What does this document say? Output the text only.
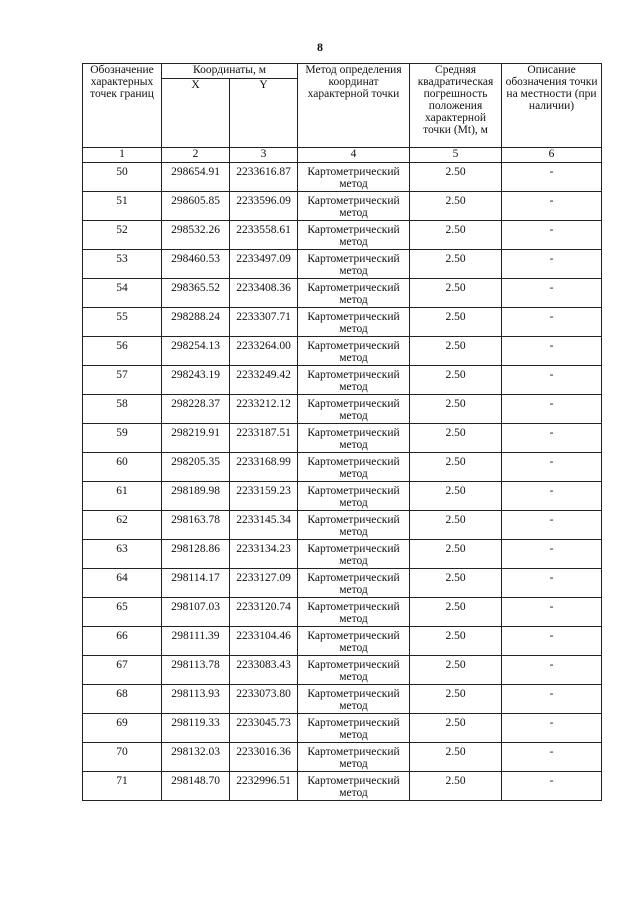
8
Обозначение характерных точек границ	Координаты, м		Метод определения координат характерной точки	Средняя квадратическая погрешность положения характерной точки (Mt), м	Описание обозначения точки на местности (при наличии)
	X	Y			
1	2	3	4	5	6
50	298654.91	2233616.87	Картометрический метод	2.50	-
51	298605.85	2233596.09	Картометрический метод	2.50	-
52	298532.26	2233558.61	Картометрический метод	2.50	-
53	298460.53	2233497.09	Картометрический метод	2.50	-
54	298365.52	2233408.36	Картометрический метод	2.50	-
55	298288.24	2233307.71	Картометрический метод	2.50	-
56	298254.13	2233264.00	Картометрический метод	2.50	-
57	298243.19	2233249.42	Картометрический метод	2.50	-
58	298228.37	2233212.12	Картометрический метод	2.50	-
59	298219.91	2233187.51	Картометрический метод	2.50	-
60	298205.35	2233168.99	Картометрический метод	2.50	-
61	298189.98	2233159.23	Картометрический метод	2.50	-
62	298163.78	2233145.34	Картометрический метод	2.50	-
63	298128.86	2233134.23	Картометрический метод	2.50	-
64	298114.17	2233127.09	Картометрический метод	2.50	-
65	298107.03	2233120.74	Картометрический метод	2.50	-
66	298111.39	2233104.46	Картометрический метод	2.50	-
67	298113.78	2233083.43	Картометрический метод	2.50	-
68	298113.93	2233073.80	Картометрический метод	2.50	-
69	298119.33	2233045.73	Картометрический метод	2.50	-
70	298132.03	2233016.36	Картометрический метод	2.50	-
71	298148.70	2232996.51	Картометрический метод	2.50	-
